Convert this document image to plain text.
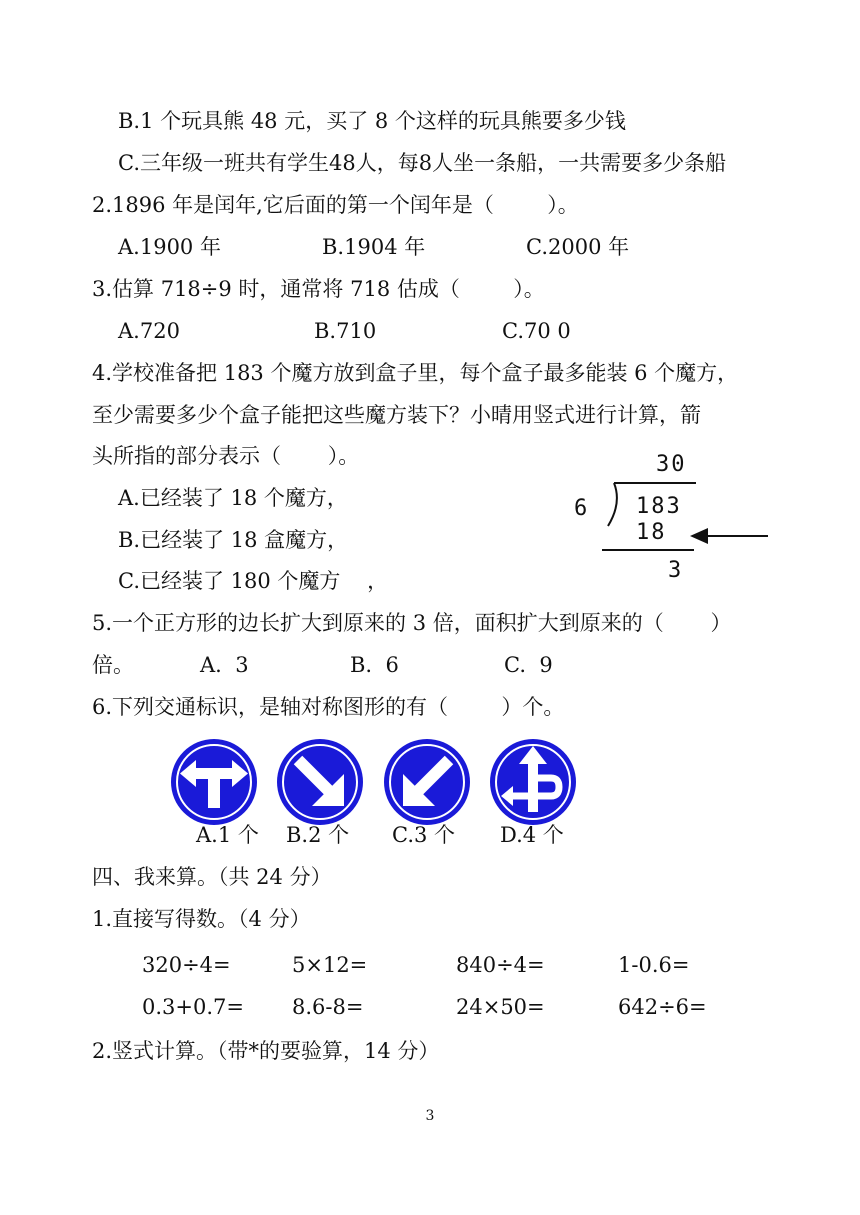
B.1 个玩具熊 48 元，买了 8 个这样的玩具熊要多少钱
C.三年级一班共有学生48人，每8人坐一条船，一共需要多少条船
2.1896 年是闰年,它后面的第一个闰年是（        ）。
A.1900 年	B.1904 年	C.2000 年
3.估算 718÷9 时，通常将 718 估成（        ）。
A.720	B.710	C.70 0
4.学校准备把 183 个魔方放到盒子里，每个盒子最多能装 6 个魔方，
至少需要多少个盒子能把这些魔方装下？小晴用竖式进行计算，箭
头所指的部分表示（       ）。
A.已经装了 18 个魔方，
B.已经装了 18 盒魔方，
C.已经装了 180 个魔方    ，
30
6 183
18
3
5.一个正方形的边长扩大到原来的 3 倍，面积扩大到原来的（       ）
倍。	A.  3	B.  6	C.  9
6.下列交通标识，是轴对称图形的有（        ）个。
A.1 个 B.2 个 C.3 个 D.4 个
四、我来算。（共 24 分）
1.直接写得数。（4 分）
320÷4=	5×12=	840÷4=	1-0.6=
0.3+0.7= 8.6-8=	24×50=	642÷6=
2.竖式计算。（带*的要验算，14 分）
3
